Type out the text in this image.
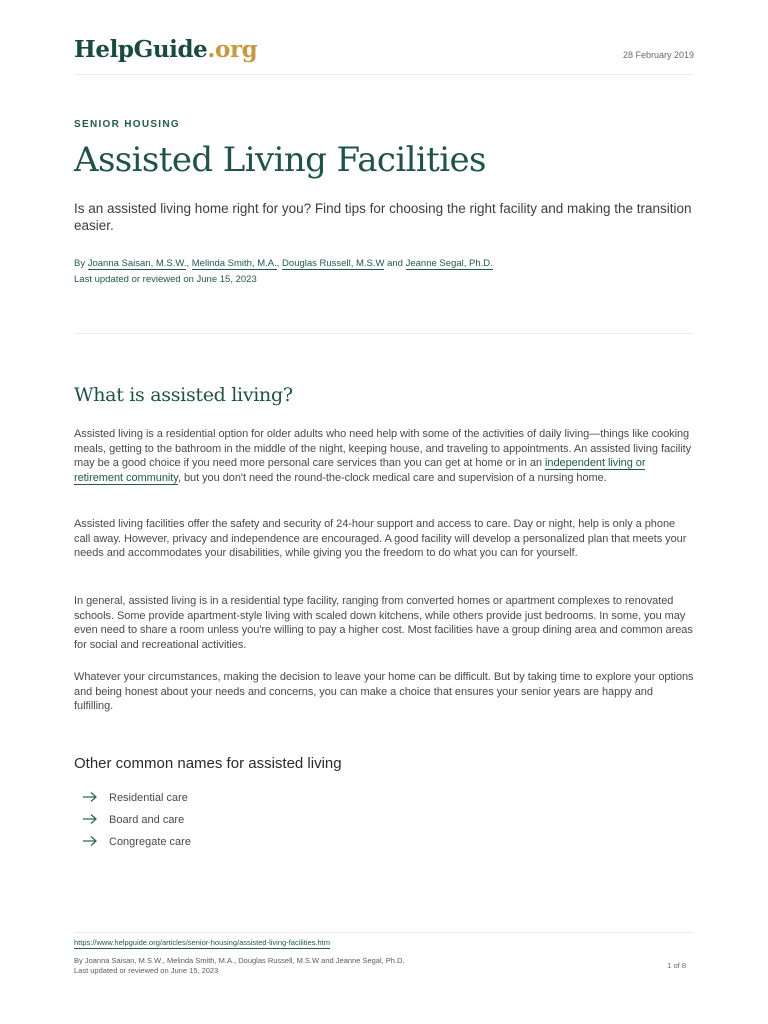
HelpGuide.org	28 February 2019
SENIOR HOUSING
Assisted Living Facilities

Is an assisted living home right for you? Find tips for choosing the right facility and making the transition easier.

By Joanna Saisan, M.S.W., Melinda Smith, M.A., Douglas Russell, M.S.W and Jeanne Segal, Ph.D.
Last updated or reviewed on June 15, 2023
What is assisted living?

Assisted living is a residential option for older adults who need help with some of the activities of daily living—things like cooking meals, getting to the bathroom in the middle of the night, keeping house, and traveling to appointments. An assisted living facility may be a good choice if you need more personal care services than you can get at home or in an independent living or retirement community, but you don't need the round-the-clock medical care and supervision of a nursing home.

Assisted living facilities offer the safety and security of 24-hour support and access to care. Day or night, help is only a phone call away. However, privacy and independence are encouraged. A good facility will develop a personalized plan that meets your needs and accommodates your disabilities, while giving you the freedom to do what you can for yourself.

In general, assisted living is in a residential type facility, ranging from converted homes or apartment complexes to renovated schools. Some provide apartment-style living with scaled down kitchens, while others provide just bedrooms. In some, you may even need to share a room unless you're willing to pay a higher cost. Most facilities have a group dining area and common areas for social and recreational activities.

Whatever your circumstances, making the decision to leave your home can be difficult. But by taking time to explore your options and being honest about your needs and concerns, you can make a choice that ensures your senior years are happy and fulfilling.

Other common names for assisted living
Residential care
Board and care
Congregate care
https://www.helpguide.org/articles/senior-housing/assisted-living-facilities.htm
By Joanna Saisan, M.S.W., Melinda Smith, M.A., Douglas Russell, M.S.W and Jeanne Segal, Ph.D.
Last updated or reviewed on June 15, 2023
1 of 8
